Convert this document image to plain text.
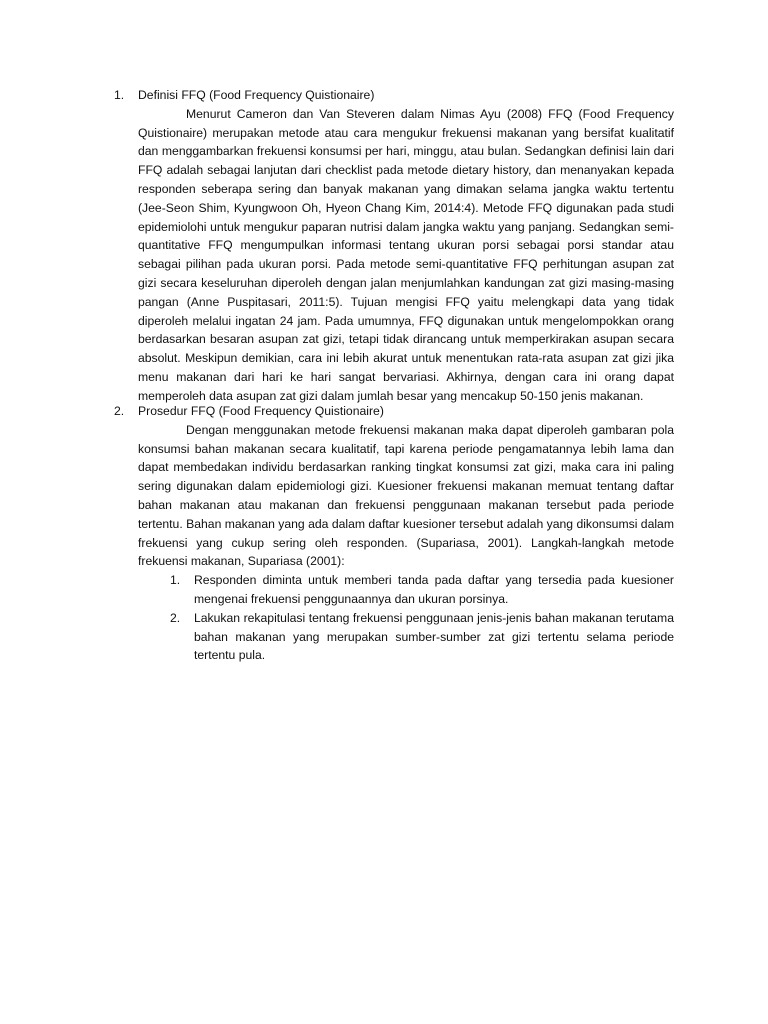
1. Definisi FFQ (Food Frequency Quistionaire)

Menurut Cameron dan Van Steveren dalam Nimas Ayu (2008) FFQ (Food Frequency Quistionaire) merupakan metode atau cara mengukur frekuensi makanan yang bersifat kualitatif dan menggambarkan frekuensi konsumsi per hari, minggu, atau bulan. Sedangkan definisi lain dari FFQ adalah sebagai lanjutan dari checklist pada metode dietary history, dan menanyakan kepada responden seberapa sering dan banyak makanan yang dimakan selama jangka waktu tertentu (Jee-Seon Shim, Kyungwoon Oh, Hyeon Chang Kim, 2014:4). Metode FFQ digunakan pada studi epidemiolohi untuk mengukur paparan nutrisi dalam jangka waktu yang panjang. Sedangkan semi-quantitative FFQ mengumpulkan informasi tentang ukuran porsi sebagai porsi standar atau sebagai pilihan pada ukuran porsi. Pada metode semi-quantitative FFQ perhitungan asupan zat gizi secara keseluruhan diperoleh dengan jalan menjumlahkan kandungan zat gizi masing-masing pangan (Anne Puspitasari, 2011:5). Tujuan mengisi FFQ yaitu melengkapi data yang tidak diperoleh melalui ingatan 24 jam. Pada umumnya, FFQ digunakan untuk mengelompokkan orang berdasarkan besaran asupan zat gizi, tetapi tidak dirancang untuk memperkirakan asupan secara absolut. Meskipun demikian, cara ini lebih akurat untuk menentukan rata-rata asupan zat gizi jika menu makanan dari hari ke hari sangat bervariasi. Akhirnya, dengan cara ini orang dapat memperoleh data asupan zat gizi dalam jumlah besar yang mencakup 50-150 jenis makanan.

2. Prosedur FFQ (Food Frequency Quistionaire)

Dengan menggunakan metode frekuensi makanan maka dapat diperoleh gambaran pola konsumsi bahan makanan secara kualitatif, tapi karena periode pengamatannya lebih lama dan dapat membedakan individu berdasarkan ranking tingkat konsumsi zat gizi, maka cara ini paling sering digunakan dalam epidemiologi gizi. Kuesioner frekuensi makanan memuat tentang daftar bahan makanan atau makanan dan frekuensi penggunaan makanan tersebut pada periode tertentu. Bahan makanan yang ada dalam daftar kuesioner tersebut adalah yang dikonsumsi dalam frekuensi yang cukup sering oleh responden. (Supariasa, 2001). Langkah-langkah metode frekuensi makanan, Supariasa (2001):

1. Responden diminta untuk memberi tanda pada daftar yang tersedia pada kuesioner mengenai frekuensi penggunaannya dan ukuran porsinya.
2. Lakukan rekapitulasi tentang frekuensi penggunaan jenis-jenis bahan makanan terutama bahan makanan yang merupakan sumber-sumber zat gizi tertentu selama periode tertentu pula.
